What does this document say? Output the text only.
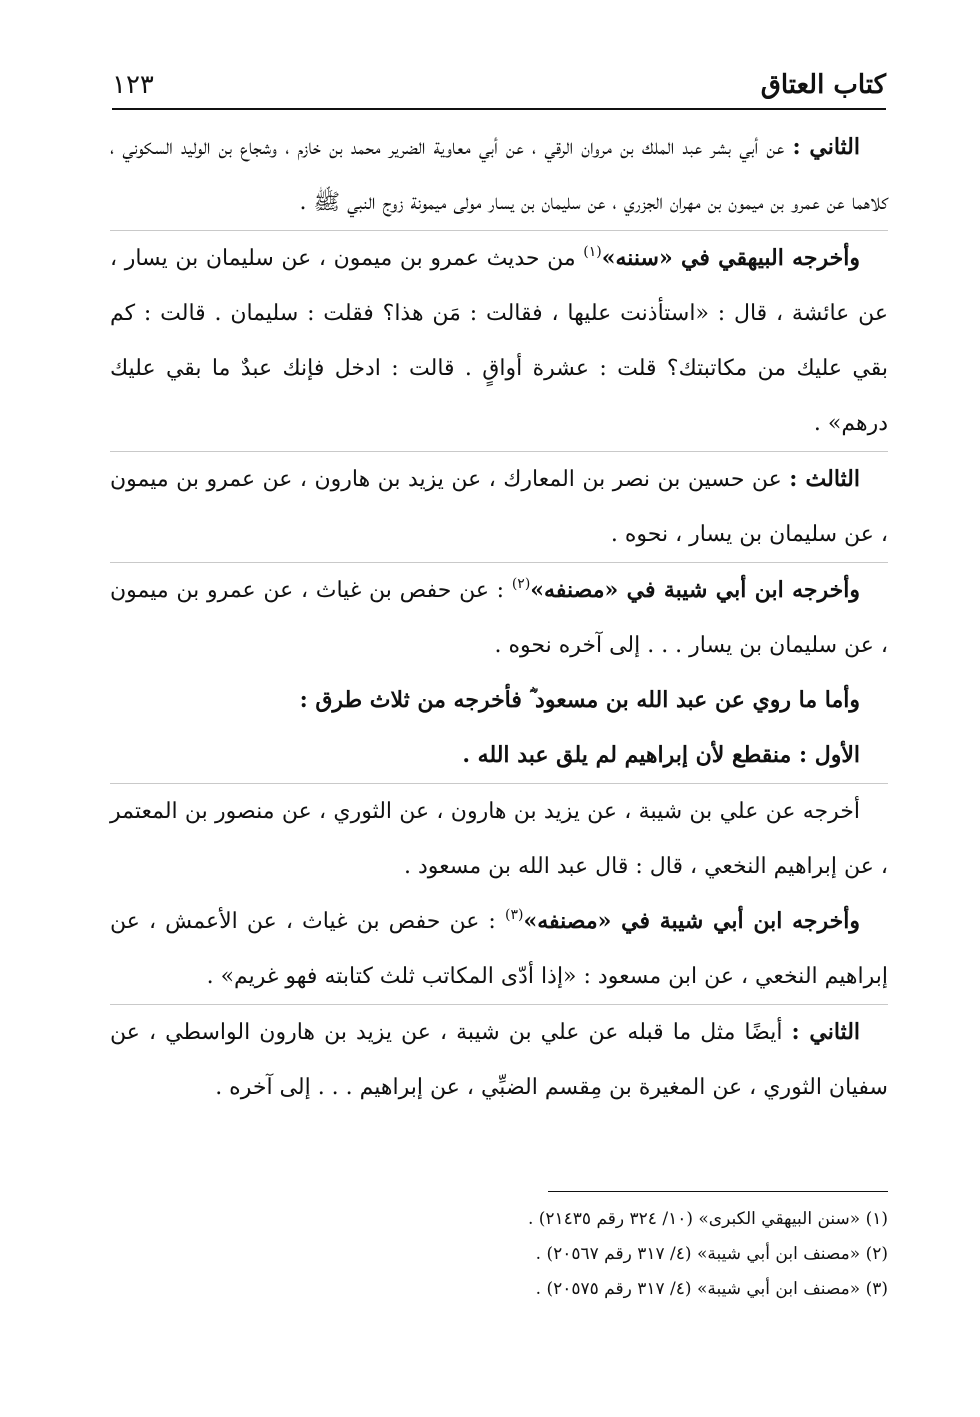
كتاب العتاق
١٢٣

الثاني : عن أبي بشر عبد الملك بن مروان الرقي ، عن أبي معاوية الضرير محمد بن خازم ، وشجاع بن الوليد السكوني ، كلاهما عن عمرو بن ميمون بن مهران الجزري ، عن سليمان بن يسار مولى ميمونة زوج النبي ﷺ .

وأخرجه البيهقي في «سننه»$^{(١)}$ من حديث عمرو بن ميمون ، عن سليمان بن يسار ، عن عائشة ، قال : «استأذنت عليها ، فقالت : مَن هذا؟ فقلت : سليمان . قالت : كم بقي عليك من مكاتبتك؟ قلت : عشرة أواقٍ . قالت : ادخل فإنك عبدٌ ما بقي عليك درهم» .

الثالث : عن حسين بن نصر بن المعارك ، عن يزيد بن هارون ، عن عمرو بن ميمون ، عن سليمان بن يسار ، نحوه .

وأخرجه ابن أبي شيبة في «مصنفه»$^{(٢)}$ : عن حفص بن غياث ، عن عمرو بن ميمون ، عن سليمان بن يسار . . . إلى آخره نحوه .

وأما ما روي عن عبد الله بن مسعود ؓ فأخرجه من ثلاث طرق :

الأول : منقطع لأن إبراهيم لم يلق عبد الله .

أخرجه عن علي بن شيبة ، عن يزيد بن هارون ، عن الثوري ، عن منصور بن المعتمر ، عن إبراهيم النخعي ، قال : قال عبد الله بن مسعود .

وأخرجه ابن أبي شيبة في «مصنفه»$^{(٣)}$ : عن حفص بن غياث ، عن الأعمش ، عن إبراهيم النخعي ، عن ابن مسعود : «إذا أدّى المكاتب ثلث كتابته فهو غريم» .

الثاني : أيضًا مثل ما قبله عن علي بن شيبة ، عن يزيد بن هارون الواسطي ، عن سفيان الثوري ، عن المغيرة بن مِقسم الضبِّي ، عن إبراهيم . . . إلى آخره .

(١) «سنن البيهقي الكبرى» (١٠/ ٣٢٤ رقم ٢١٤٣٥) .

(٢) «مصنف ابن أبي شيبة» (٤/ ٣١٧ رقم ٢٠٥٦٧) .

(٣) «مصنف ابن أبي شيبة» (٤/ ٣١٧ رقم ٢٠٥٧٥) .
